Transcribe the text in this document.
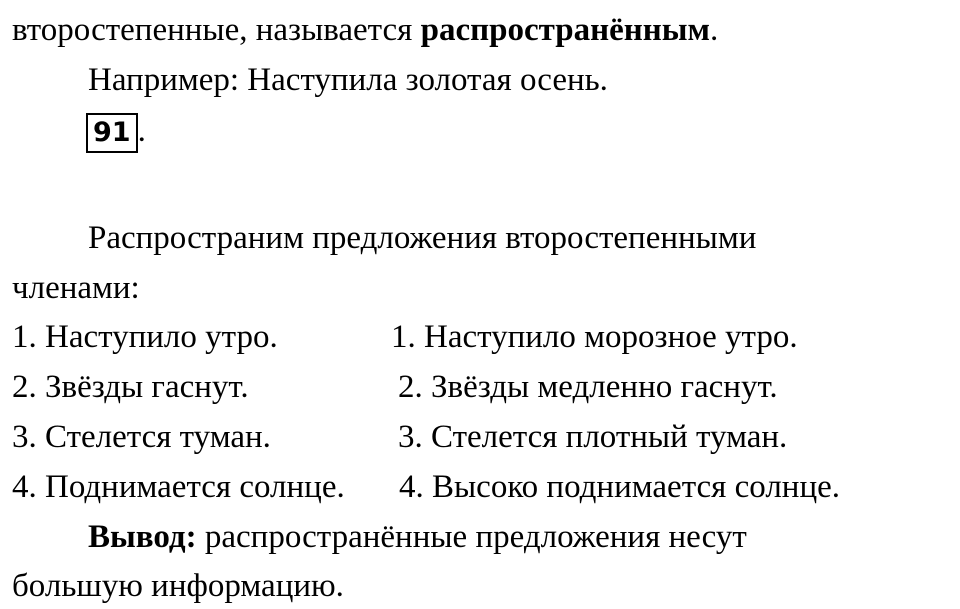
второстепенные, называется распространённым.
Например: Наступила золотая осень.
91 .
Распространим предложения второстепенными
членами:
1. Наступило утро.	1. Наступило морозное утро.
2. Звёзды гаснут.	2. Звёзды медленно гаснут.
3. Стелется туман.	3. Стелется плотный туман.
4. Поднимается солнце. 4. Высоко поднимается солнце.
Вывод: распространённые предложения несут
большую информацию.
